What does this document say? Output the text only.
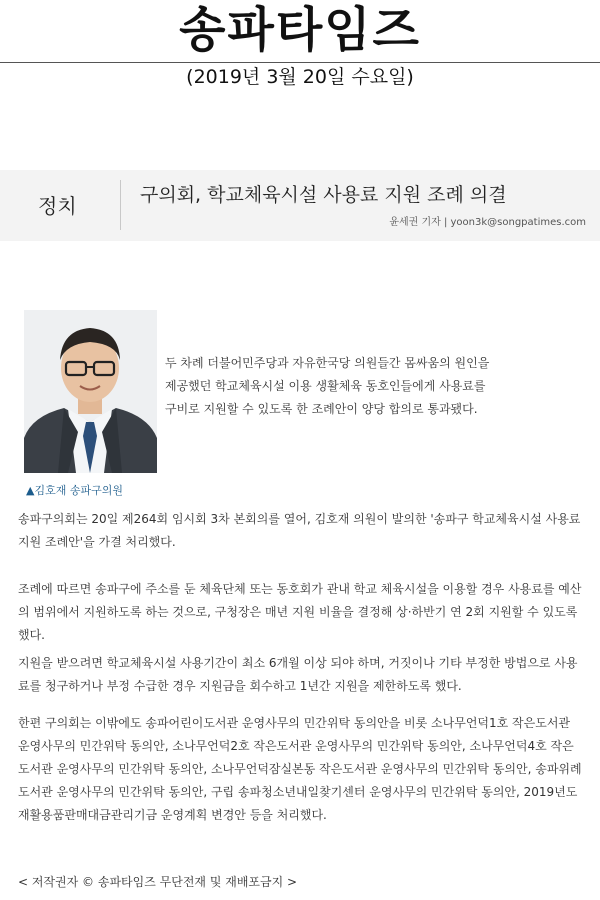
송파타임즈
(2019년 3월 20일 수요일)
정치	구의회, 학교체육시설 사용료 지원 조례 의결
윤세권 기자 | yoon3k@songpatimes.com
▲김호재 송파구의원

두 차례 더불어민주당과 자유한국당 의원들간 몸싸움의 원인을 제공했던 학교체육시설 이용 생활체육 동호인들에게 사용료를 구비로 지원할 수 있도록 한 조례안이 양당 합의로 통과됐다.

송파구의회는 20일 제264회 임시회 3차 본회의를 열어, 김호재 의원이 발의한 '송파구 학교체육시설 사용료 지원 조례안'을 가결 처리했다.

조례에 따르면 송파구에 주소를 둔 체육단체 또는 동호회가 관내 학교 체육시설을 이용할 경우 사용료를 예산의 범위에서 지원하도록 하는 것으로, 구청장은 매년 지원 비율을 결정해 상·하반기 연 2회 지원할 수 있도록 했다.

지원을 받으려면 학교체육시설 사용기간이 최소 6개월 이상 되야 하며, 거짓이나 기타 부정한 방법으로 사용료를 청구하거나 부정 수급한 경우 지원금을 회수하고 1년간 지원을 제한하도록 했다.

한편 구의회는 이밖에도 송파어린이도서관 운영사무의 민간위탁 동의안을 비롯 소나무언덕1호 작은도서관 운영사무의 민간위탁 동의안, 소나무언덕2호 작은도서관 운영사무의 민간위탁 동의안, 소나무언덕4호 작은도서관 운영사무의 민간위탁 동의안, 소나무언덕잠실본동 작은도서관 운영사무의 민간위탁 동의안, 송파위례도서관 운영사무의 민간위탁 동의안, 구립 송파청소년내일찾기센터 운영사무의 민간위탁 동의안, 2019년도 재활용품판매대금관리기금 운영계획 변경안 등을 처리했다.

< 저작권자 © 송파타임즈 무단전재 및 재배포금지 >
